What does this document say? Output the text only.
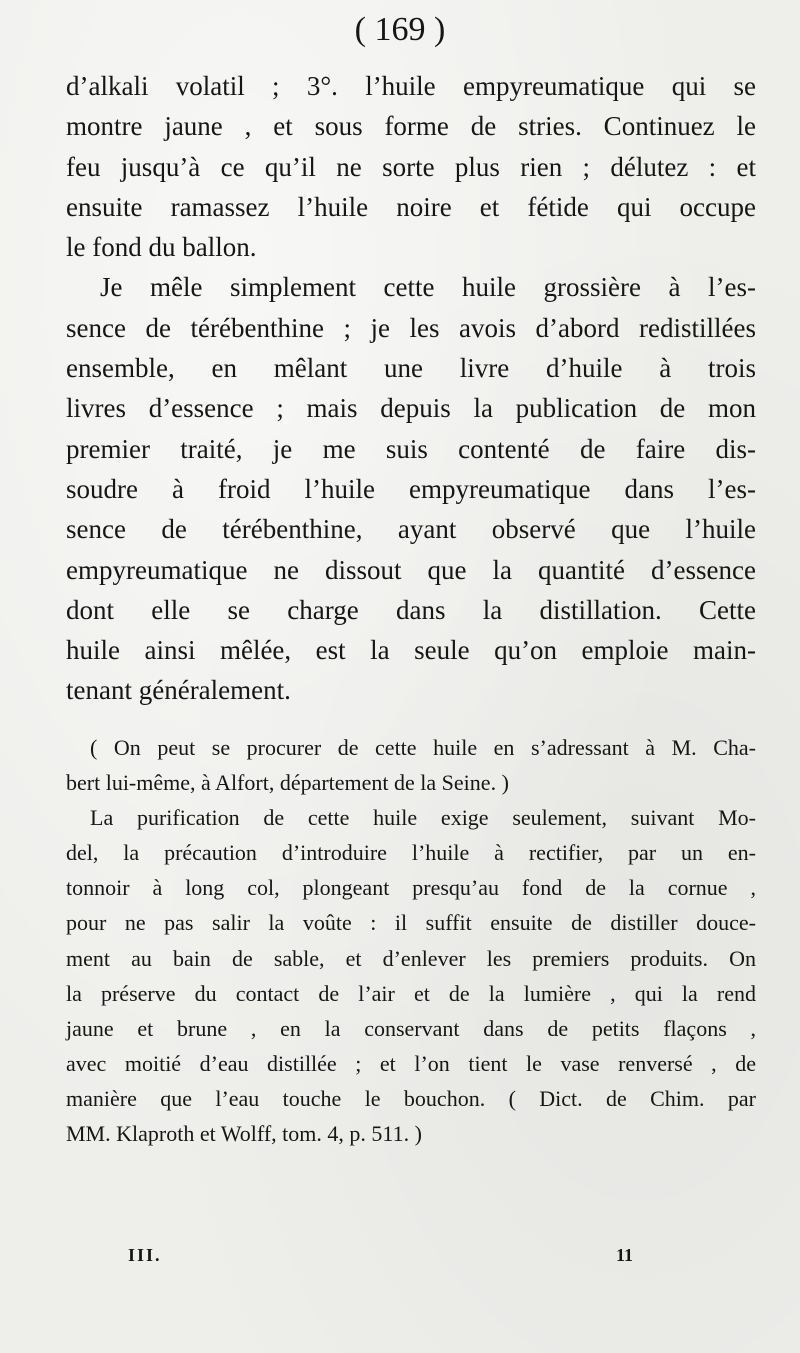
( 169 )
d’alkali volatil ; 3°. l’huile empyreumatique qui se
montre jaune , et sous forme de stries. Continuez le
feu jusqu’à ce qu’il ne sorte plus rien ; délutez : et
ensuite ramassez l’huile noire et fétide qui occupe
le fond du ballon.
Je mêle simplement cette huile grossière à l’es-
sence de térébenthine ; je les avois d’abord redistillées
ensemble, en mêlant une livre d’huile à trois
livres d’essence ; mais depuis la publication de mon
premier traité, je me suis contenté de faire dis-
soudre à froid l’huile empyreumatique dans l’es-
sence de térébenthine, ayant observé que l’huile
empyreumatique ne dissout que la quantité d’essence
dont elle se charge dans la distillation. Cette
huile ainsi mêlée, est la seule qu’on emploie main-
tenant généralement.
( On peut se procurer de cette huile en s’adressant à M. Cha-
bert lui-même, à Alfort, département de la Seine. )
La purification de cette huile exige seulement, suivant Mo-
del, la précaution d’introduire l’huile à rectifier, par un en-
tonnoir à long col, plongeant presqu’au fond de la cornue ,
pour ne pas salir la voûte : il suffit ensuite de distiller douce-
ment au bain de sable, et d’enlever les premiers produits. On
la préserve du contact de l’air et de la lumière , qui la rend
jaune et brune , en la conservant dans de petits flaçons ,
avec moitié d’eau distillée ; et l’on tient le vase renversé , de
manière que l’eau touche le bouchon. ( Dict. de Chim. par
MM. Klaproth et Wolff, tom. 4, p. 511. )
III.	11
